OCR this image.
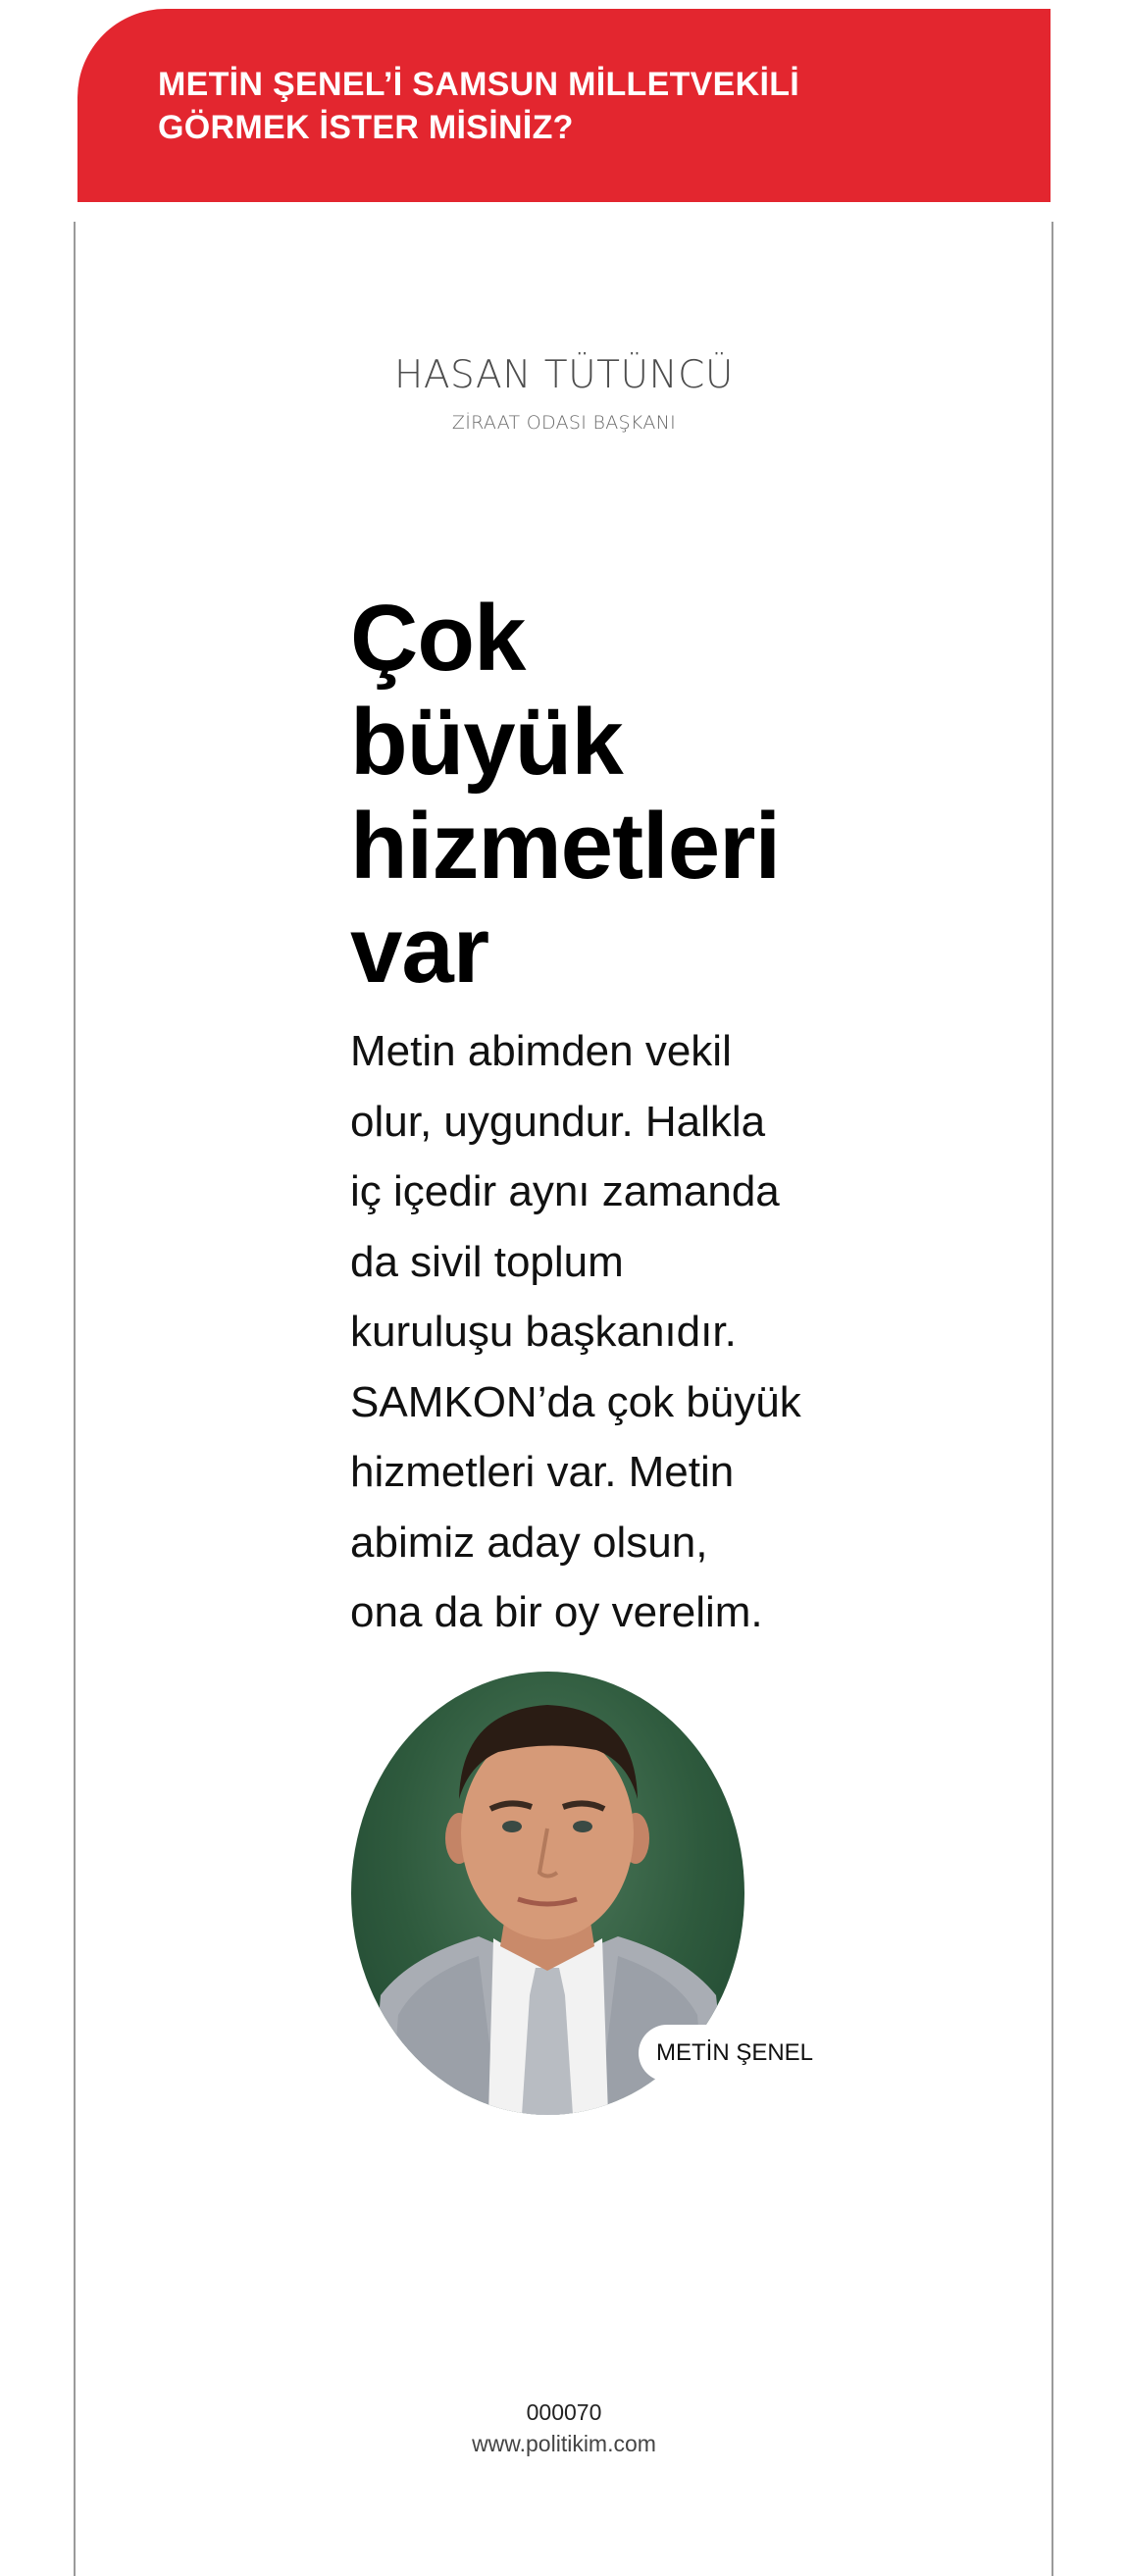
METİN ŞENEL’İ SAMSUN MİLLETVEKİLİ
GÖRMEK İSTER MİSİNİZ?

HASAN TÜTÜNCÜ
ZİRAAT ODASI BAŞKANI
Çok
büyük
hizmetleri
var

Metin abimden vekil
olur, uygundur. Halkla
iç içedir aynı zamanda
da sivil toplum
kuruluşu başkanıdır.
SAMKON’da çok büyük
hizmetleri var. Metin
abimiz aday olsun,
ona da bir oy verelim.

METİN ŞENEL
000070
www.politikim.com
